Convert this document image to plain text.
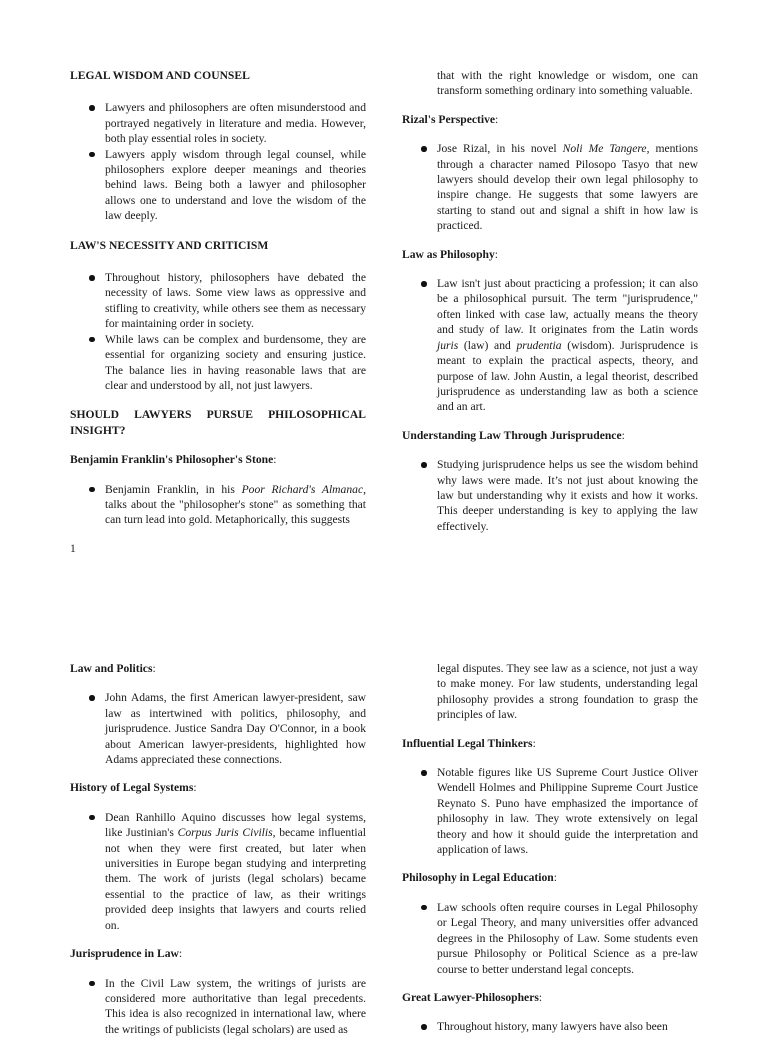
LEGAL WISDOM AND COUNSEL
Lawyers and philosophers are often misunderstood and portrayed negatively in literature and media. However, both play essential roles in society.
Lawyers apply wisdom through legal counsel, while philosophers explore deeper meanings and theories behind laws. Being both a lawyer and philosopher allows one to understand and love the wisdom of the law deeply.
LAW'S NECESSITY AND CRITICISM
Throughout history, philosophers have debated the necessity of laws. Some view laws as oppressive and stifling to creativity, while others see them as necessary for maintaining order in society.
While laws can be complex and burdensome, they are essential for organizing society and ensuring justice. The balance lies in having reasonable laws that are clear and understood by all, not just lawyers.
SHOULD LAWYERS PURSUE PHILOSOPHICAL INSIGHT?
Benjamin Franklin's Philosopher's Stone:
Benjamin Franklin, in his Poor Richard's Almanac, talks about the "philosopher's stone" as something that can turn lead into gold. Metaphorically, this suggests

that with the right knowledge or wisdom, one can transform something ordinary into something valuable.

Rizal's Perspective:
Jose Rizal, in his novel Noli Me Tangere, mentions through a character named Pilosopo Tasyo that new lawyers should develop their own legal philosophy to inspire change. He suggests that some lawyers are starting to stand out and signal a shift in how law is practiced.
Law as Philosophy:
Law isn't just about practicing a profession; it can also be a philosophical pursuit. The term "jurisprudence," often linked with case law, actually means the theory and study of law. It originates from the Latin words juris (law) and prudentia (wisdom). Jurisprudence is meant to explain the practical aspects, theory, and purpose of law. John Austin, a legal theorist, described jurisprudence as understanding law as both a science and an art.
Understanding Law Through Jurisprudence:
Studying jurisprudence helps us see the wisdom behind why laws were made. It’s not just about knowing the law but understanding why it exists and how it works. This deeper understanding is key to applying the law effectively.
1
Law and Politics:
John Adams, the first American lawyer-president, saw law as intertwined with politics, philosophy, and jurisprudence. Justice Sandra Day O'Connor, in a book about American lawyer-presidents, highlighted how Adams appreciated these connections.
History of Legal Systems:
Dean Ranhillo Aquino discusses how legal systems, like Justinian's Corpus Juris Civilis, became influential not when they were first created, but later when universities in Europe began studying and interpreting them. The work of jurists (legal scholars) became essential to the practice of law, as their writings provided deep insights that lawyers and courts relied on.
Jurisprudence in Law:
In the Civil Law system, the writings of jurists are considered more authoritative than legal precedents. This idea is also recognized in international law, where the writings of publicists (legal scholars) are used as

legal disputes. They see law as a science, not just a way to make money. For law students, understanding legal philosophy provides a strong foundation to grasp the principles of law.

Influential Legal Thinkers:
Notable figures like US Supreme Court Justice Oliver Wendell Holmes and Philippine Supreme Court Justice Reynato S. Puno have emphasized the importance of philosophy in law. They wrote extensively on legal theory and how it should guide the interpretation and application of laws.
Philosophy in Legal Education:
Law schools often require courses in Legal Philosophy or Legal Theory, and many universities offer advanced degrees in the Philosophy of Law. Some students even pursue Philosophy or Political Science as a pre-law course to better understand legal concepts.
Great Lawyer-Philosophers:
Throughout history, many lawyers have also been
